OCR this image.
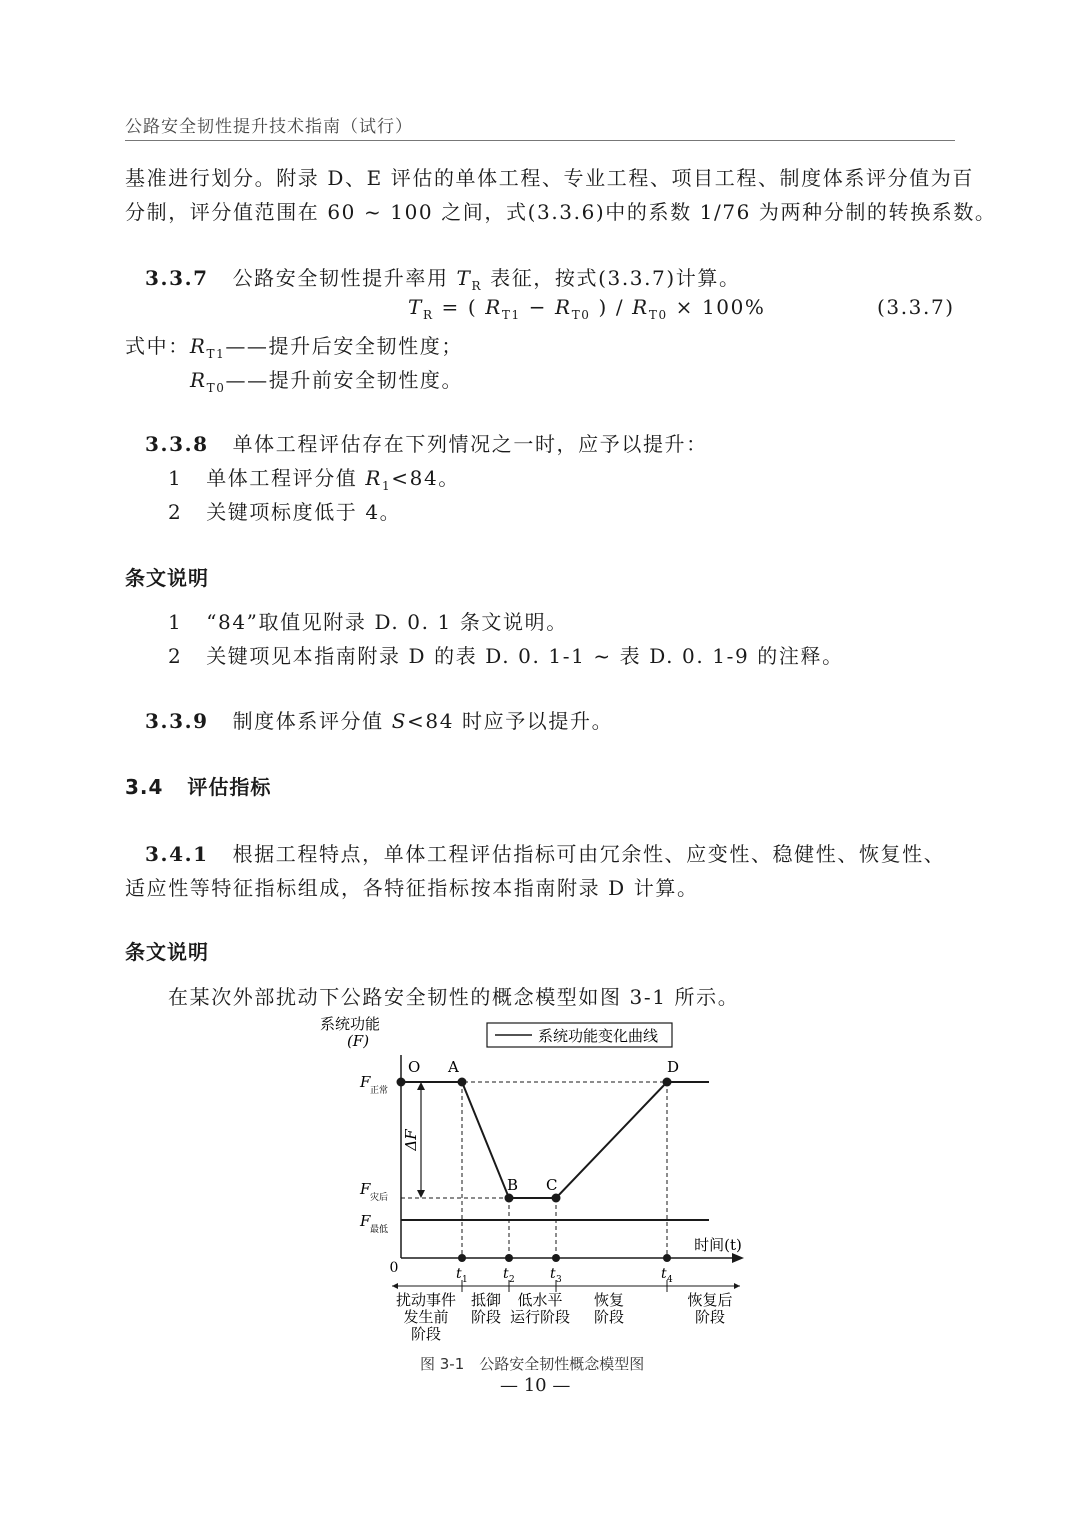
公路安全韧性提升技术指南（试行）
基准进行划分。附录 D、E 评估的单体工程、专业工程、项目工程、制度体系评分值为百
分制，评分值范围在 60 ~ 100 之间，式(3.3.6)中的系数 1/76 为两种分制的转换系数。
3.3.7 公路安全韧性提升率用 $T_R$ 表征，按式(3.3.7)计算。
$T_R$ = ( $R_{T1} - R_{T0}$ ) / $R_{T0} \times 100\%$	(3.3.7)
式中：$R_{T1}——$提升后安全韧性度；
$R_{T0}——$提升前安全韧性度。
3.3.8 单体工程评估存在下列情况之一时，应予以提升：
1 单体工程评分值 $R_1<84$。
2 关键项标度低于 4。
条文说明
1 “84”取值见附录 D. 0. 1 条文说明。
2 关键项见本指南附录 D 的表 D. 0. 1-1 ~ 表 D. 0. 1-9 的注释。
3.3.9 制度体系评分值 S<84 时应予以提升。
3.4 评估指标
3.4.1 根据工程特点，单体工程评估指标可由冗余性、应变性、稳健性、恢复性、
适应性等特征指标组成，各特征指标按本指南附录 D 计算。
条文说明
在某次外部扰动下公路安全韧性的概念模型如图 3-1 所示。
系统功能
(F)
时间(t)
0
系统功能变化曲线
F 正常
F 灾后
F 最低
ΔF
O A
B C
D
t 1	t 2	t 3	t 4
扰动事件
发生前
阶段
抵御
阶段
低水平
运行阶段
恢复
阶段
恢复后
阶段
图 3-1　公路安全韧性概念模型图
— 10 —
